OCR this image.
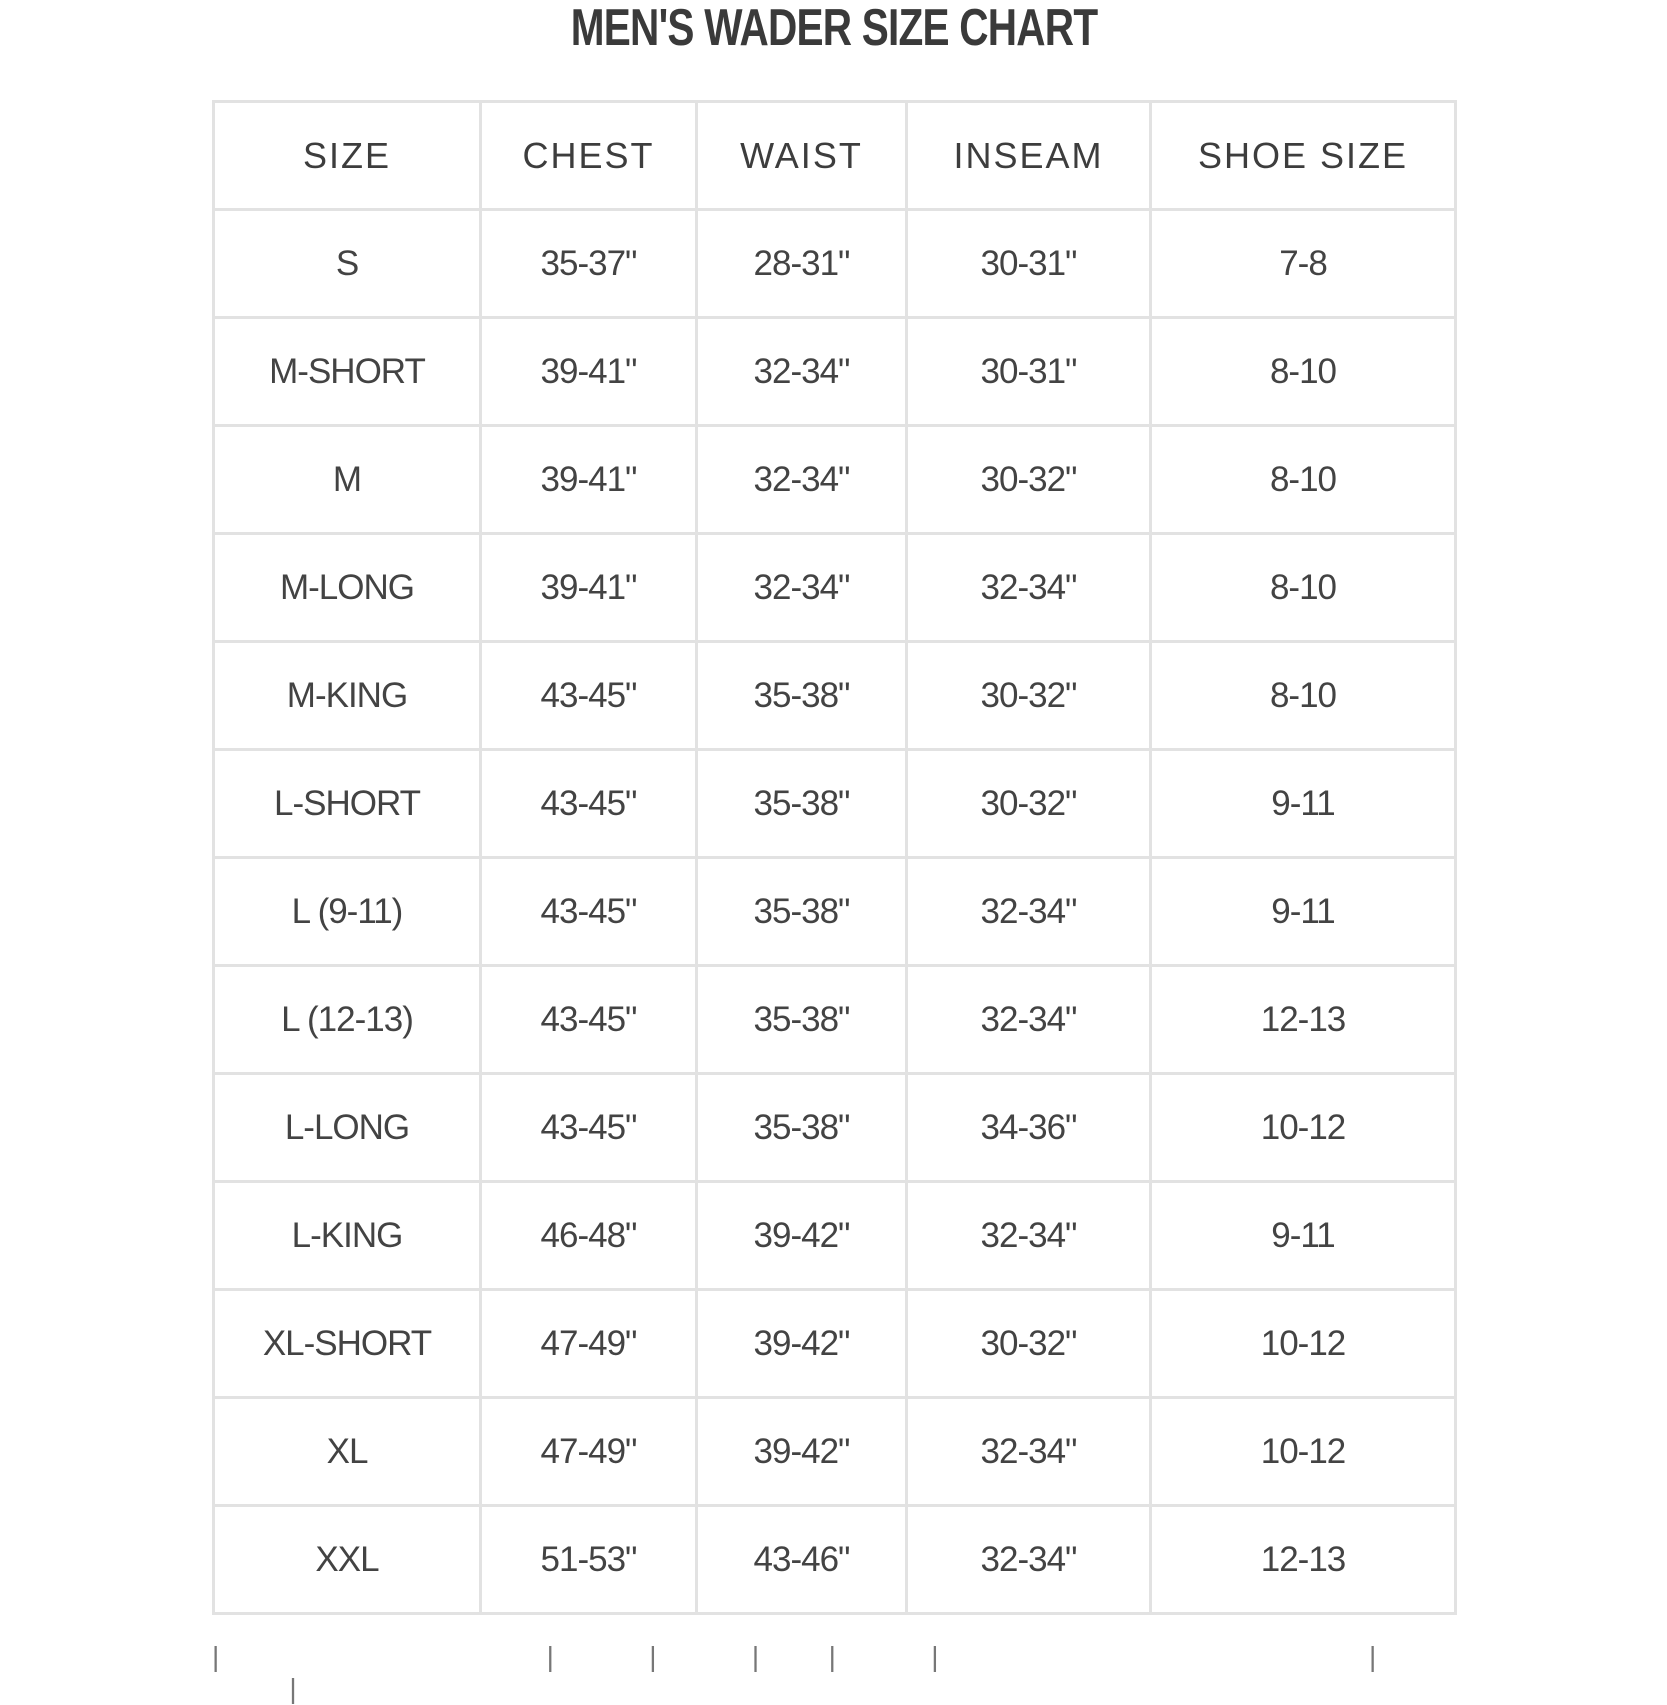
MEN'S WADER SIZE CHART
SIZE	CHEST	WAIST	INSEAM	SHOE SIZE
S	35-37"	28-31"	30-31"	7-8
M-SHORT	39-41"	32-34"	30-31"	8-10
M	39-41"	32-34"	30-32"	8-10
M-LONG	39-41"	32-34"	32-34"	8-10
M-KING	43-45"	35-38"	30-32"	8-10
L-SHORT	43-45"	35-38"	30-32"	9-11
L (9-11)	43-45"	35-38"	32-34"	9-11
L (12-13)	43-45"	35-38"	32-34"	12-13
L-LONG	43-45"	35-38"	34-36"	10-12
L-KING	46-48"	39-42"	32-34"	9-11
XL-SHORT	47-49"	39-42"	30-32"	10-12
XL	47-49"	39-42"	32-34"	10-12
XXL	51-53"	43-46"	32-34"	12-13
|            |   |   |  |   |                |   |
